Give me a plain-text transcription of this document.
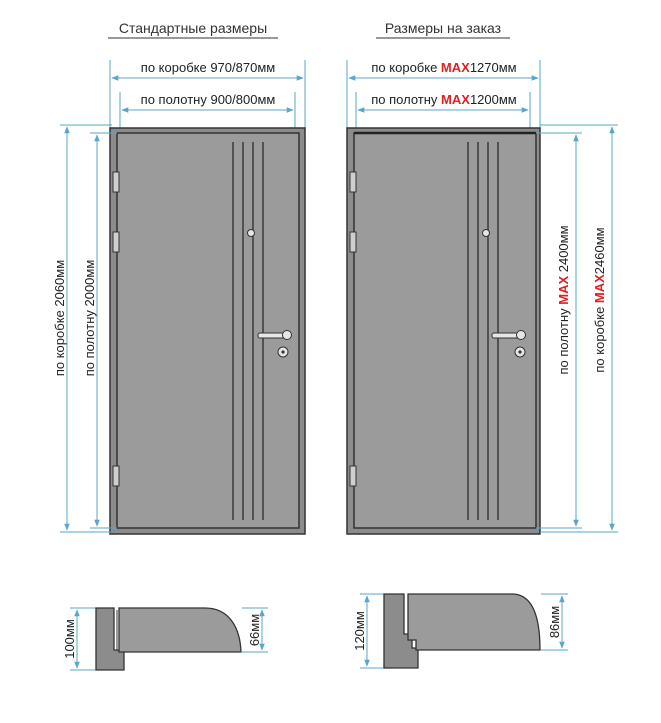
Стандартные размеры	Размеры на заказ
по коробке 970/870мм
по полотну 900/800мм
по коробке 2060мм по полотну 2000мм
по коробке MAX1270мм
по полотну MAX1200мм
по полотну MAX 2400мм
по коробке MAX2460мм
100мм	66мм	120мм	86мм
